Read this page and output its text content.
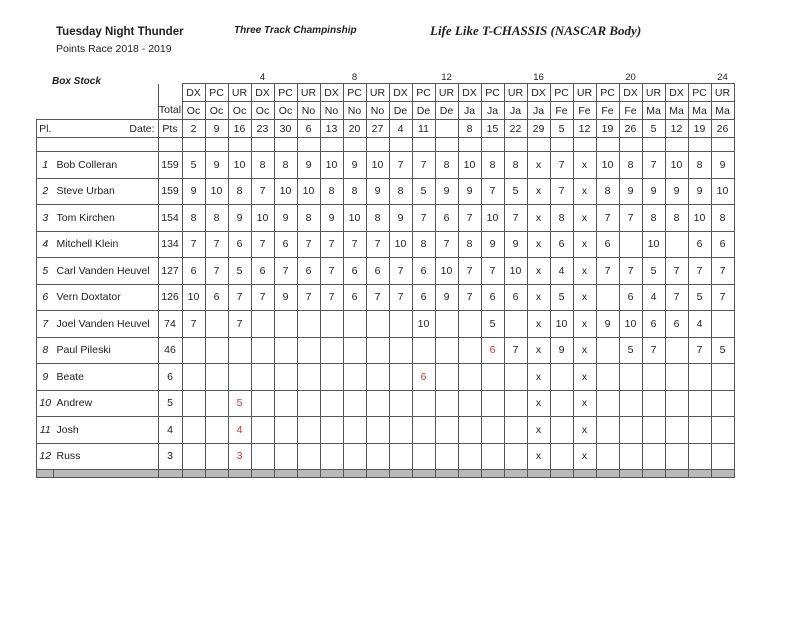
Tuesday Night Thunder
Points Race 2018 - 2019
Three Track Champinship	Life Like T-CHASSIS (NASCAR Body)
Box Stock
							4				8				12				16				20				24
			DX	PC	UR	DX	PC	UR	DX	PC	UR	DX	PC	UR	DX	PC	UR	DX	PC	UR	PC	DX	UR	DX	PC	UR
		Total	Oc	Oc	Oc	Oc	Oc	No	No	No	No	De	De	De	Ja	Ja	Ja	Ja	Fe	Fe	Fe	Fe	Ma	Ma	Ma	Ma
Pl.	Date:	Pts	2	9	16	23	30	6	13	20	27	4	11		8	15	22	29	5	12	19	26	5	12	19	26

1	Bob Colleran	159	5	9	10	8	8	9	10	9	10	7	7	8	10	8	8	x	7	x	10	8	7	10	8	9
2	Steve Urban	159	9	10	8	7	10	10	8	8	9	8	5	9	9	7	5	x	7	x	8	9	9	9	9	10
3	Tom Kirchen	154	8	8	9	10	9	8	9	10	8	9	7	6	7	10	7	x	8	x	7	7	8	8	10	8
4	Mitchell Klein	134	7	7	6	7	6	7	7	7	7	10	8	7	8	9	9	x	6	x	6		10		6	6
5	Carl Vanden Heuvel	127	6	7	5	6	7	6	7	6	6	7	6	10	7	7	10	x	4	x	7	7	5	7	7	7
6	Vern Doxtator	126	10	6	7	7	9	7	7	6	7	7	6	9	7	6	6	x	5	x		6	4	7	5	7
7	Joel Vanden Heuvel	74	7		7								10			5		x	10	x	9	10	6	6	4	
8	Paul Pileski	46														6	7	x	9	x		5	7		7	5
9	Beate	6											6					x		x						
10	Andrew	5			5													x		x						
11	Josh	4			4													x		x						
12	Russ	3			3													x		x						
